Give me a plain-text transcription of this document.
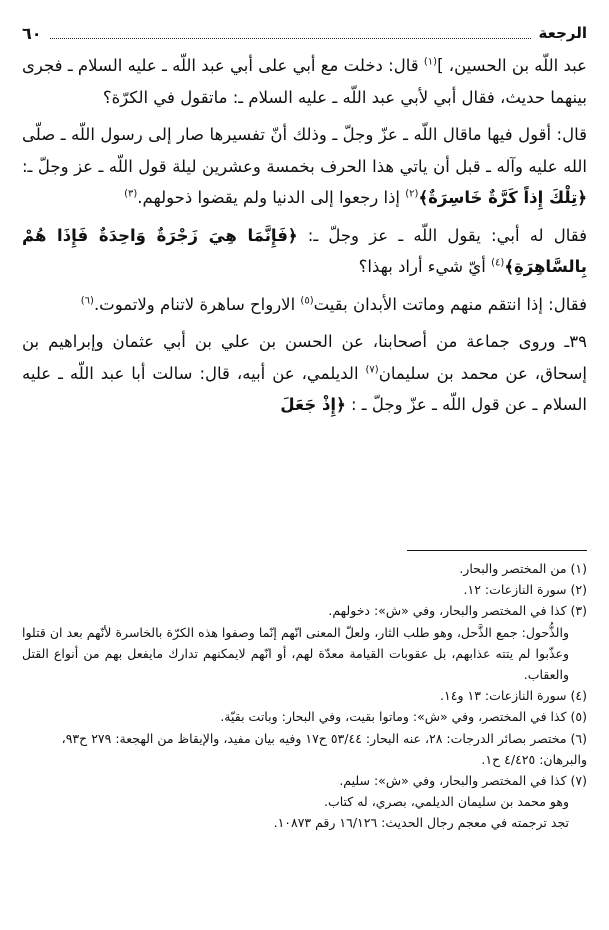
٦٠	الرجعة

عبد اللّه بن الحسين، ]$^{(١)}$ قال: دخلت مع أبي على أبي عبد اللّه ـ عليه السلام ـ فجرى بينهما حديث، فقال أبي لأبي عبد اللّه ـ عليه السلام ـ: ماتقول في الكرّة؟

قال: أقول فيها ماقال اللّه ـ عزّ وجلّ ـ وذلك أنّ تفسيرها صار إلى رسول اللّه ـ صلّى الله عليه وآله ـ قبل أن ياتي هذا الحرف بخمسة وعشرين ليلة قول اللّه ـ عز وجلّ ـ: ﴿تِلْكَ إِذاً كَرَّةٌ خَاسِرَةٌ﴾$^{(٢)}$ إذا رجعوا إلى الدنيا ولم يقضوا ذحولهم.$^{(٣)}$

فقال له أبي: يقول اللّه ـ عز وجلّ ـ: ﴿فَإِنَّمَا هِيَ زَجْرَةٌ وَاحِدَةٌ فَإِذَا هُمْ بِالسَّاهِرَةِ﴾$^{(٤)}$ أيّ شيء أراد بهذا؟

فقال: إذا انتقم منهم وماتت الأبدان بقيت$^{(٥)}$ الارواح ساهرة لاتنام ولاتموت.$^{(٦)}$

٣٩ـ وروى جماعة من أصحابنا، عن الحسن بن علي بن أبي عثمان وإبراهيم بن إسحاق، عن محمد بن سليمان$^{(٧)}$ الديلمي، عن أبيه، قال: سالت أبا عبد اللّه ـ عليه السلام ـ عن قول اللّه ـ عزّ وجلّ ـ : ﴿إِذْ جَعَلَ

(١) من المختصر والبحار.

(٢) سورة النازعات: ١٢.

(٣) كذا في المختصر والبحار، وفي «ش»: دخولهم.

والذُّحول: جمع الذَّحل، وهو طلب الثار، ولعلّ المعنى انّهم إنّما وصفوا هذه الكرّة بالخاسرة لأنّهم بعد ان قتلوا وعذّبوا لم يتته عذابهم، بل عقوبات القيامة معدّة لهم، أو انّهم لايمكنهم تدارك مايفعل بهم من أنواع القتل والعقاب.

(٤) سورة النازعات: ١٣ و١٤.

(٥) كذا في المختصر، وفي «ش»: وماتوا بقيت، وفي البحار: وباتت بقيّة.

(٦) مختصر بصائر الدرجات: ٢٨، عنه البحار: ٥٣/٤٤ ح١٧ وفيه بيان مفيد، والإيقاظ من الهجعة: ٢٧٩ ح٩٣، والبرهان: ٤/٤٢٥ ح١.

(٧) كذا في المختصر والبحار، وفي «ش»: سليم.

وهو محمد بن سليمان الديلمي، بصري، له كتاب.

تجد ترجمته في معجم رجال الحديث: ١٦/١٢٦ رقم ١٠٨٧٣.
